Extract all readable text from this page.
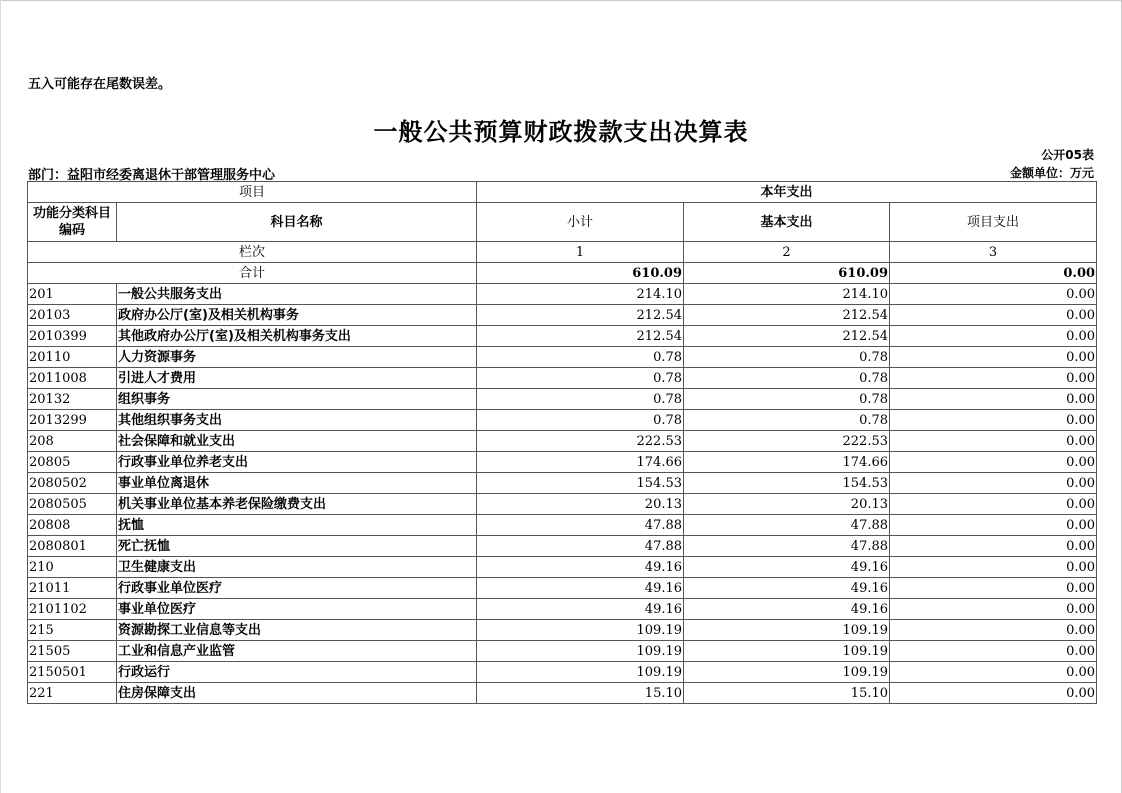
五入可能存在尾数误差。
一般公共预算财政拨款支出决算表
公开05表
部门：益阳市经委离退休干部管理服务中心	金额单位：万元
项目		本年支出		
功能分类科目编码	科目名称	小计	基本支出	项目支出
栏次		1	2	3
合计		610.09	610.09	0.00
201	一般公共服务支出	214.10	214.10	0.00
20103	政府办公厅(室)及相关机构事务	212.54	212.54	0.00
2010399	其他政府办公厅(室)及相关机构事务支出	212.54	212.54	0.00
20110	人力资源事务	0.78	0.78	0.00
2011008	引进人才费用	0.78	0.78	0.00
20132	组织事务	0.78	0.78	0.00
2013299	其他组织事务支出	0.78	0.78	0.00
208	社会保障和就业支出	222.53	222.53	0.00
20805	行政事业单位养老支出	174.66	174.66	0.00
2080502	事业单位离退休	154.53	154.53	0.00
2080505	机关事业单位基本养老保险缴费支出	20.13	20.13	0.00
20808	抚恤	47.88	47.88	0.00
2080801	死亡抚恤	47.88	47.88	0.00
210	卫生健康支出	49.16	49.16	0.00
21011	行政事业单位医疗	49.16	49.16	0.00
2101102	事业单位医疗	49.16	49.16	0.00
215	资源勘探工业信息等支出	109.19	109.19	0.00
21505	工业和信息产业监管	109.19	109.19	0.00
2150501	行政运行	109.19	109.19	0.00
221	住房保障支出	15.10	15.10	0.00
